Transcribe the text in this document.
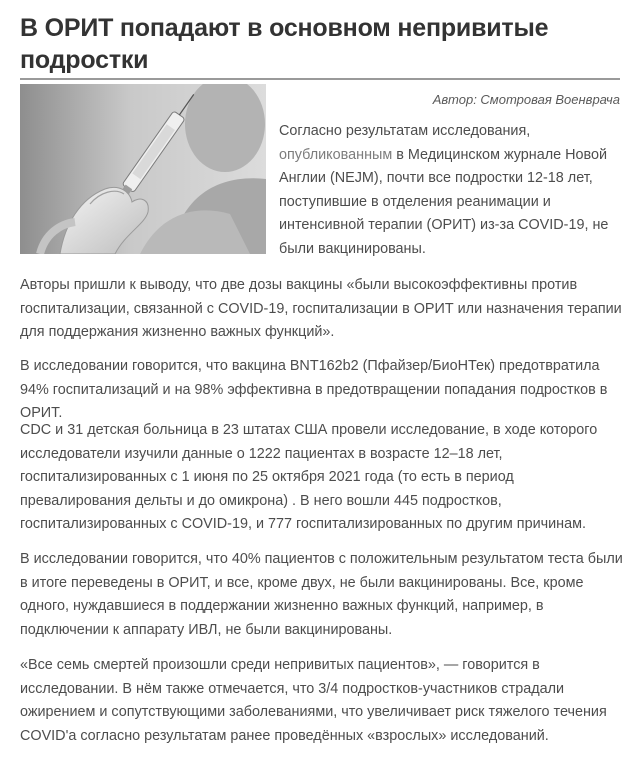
В ОРИТ попадают в основном непривитые подростки
Автор: Смотровая Военврача

Согласно результатам исследования,
опубликованным в Медицинском журнале Новой Англии (NEJM), почти все подростки 12-18 лет, поступившие в отделения реанимации и интенсивной терапии (ОРИТ) из-за COVID-19, не были вакцинированы.

Авторы пришли к выводу, что две дозы вакцины «были высокоэффективны против госпитализации, связанной с COVID-19, госпитализации в ОРИТ или назначения терапии для поддержания жизненно важных функций».

В исследовании говорится, что вакцина BNT162b2 (Пфайзер/БиоНТек) предотвратила 94% госпитализаций и на 98% эффективна в предотвращении попадания подростков в ОРИТ.

CDC и 31 детская больница в 23 штатах США провели исследование, в ходе которого исследователи изучили данные о 1222 пациентах в возрасте 12–18 лет, госпитализированных с 1 июня по 25 октября 2021 года (то есть в период превалирования дельты и до омикрона) . В него вошли 445 подростков, госпитализированных с COVID-19, и 777 госпитализированных по другим причинам.

В исследовании говорится, что 40% пациентов с положительным результатом теста были в итоге переведены в ОРИТ, и все, кроме двух, не были вакцинированы. Все, кроме одного, нуждавшиеся в поддержании жизненно важных функций, например, в подключении к аппарату ИВЛ, не были вакцинированы.

«Все семь смертей произошли среди непривитых пациентов», — говорится в исследовании. В нём также отмечается, что 3/4 подростков-участников страдали ожирением и сопутствующими заболеваниями, что увеличивает риск тяжелого течения COVID'a согласно результатам ранее проведённых «взрослых» исследований.
